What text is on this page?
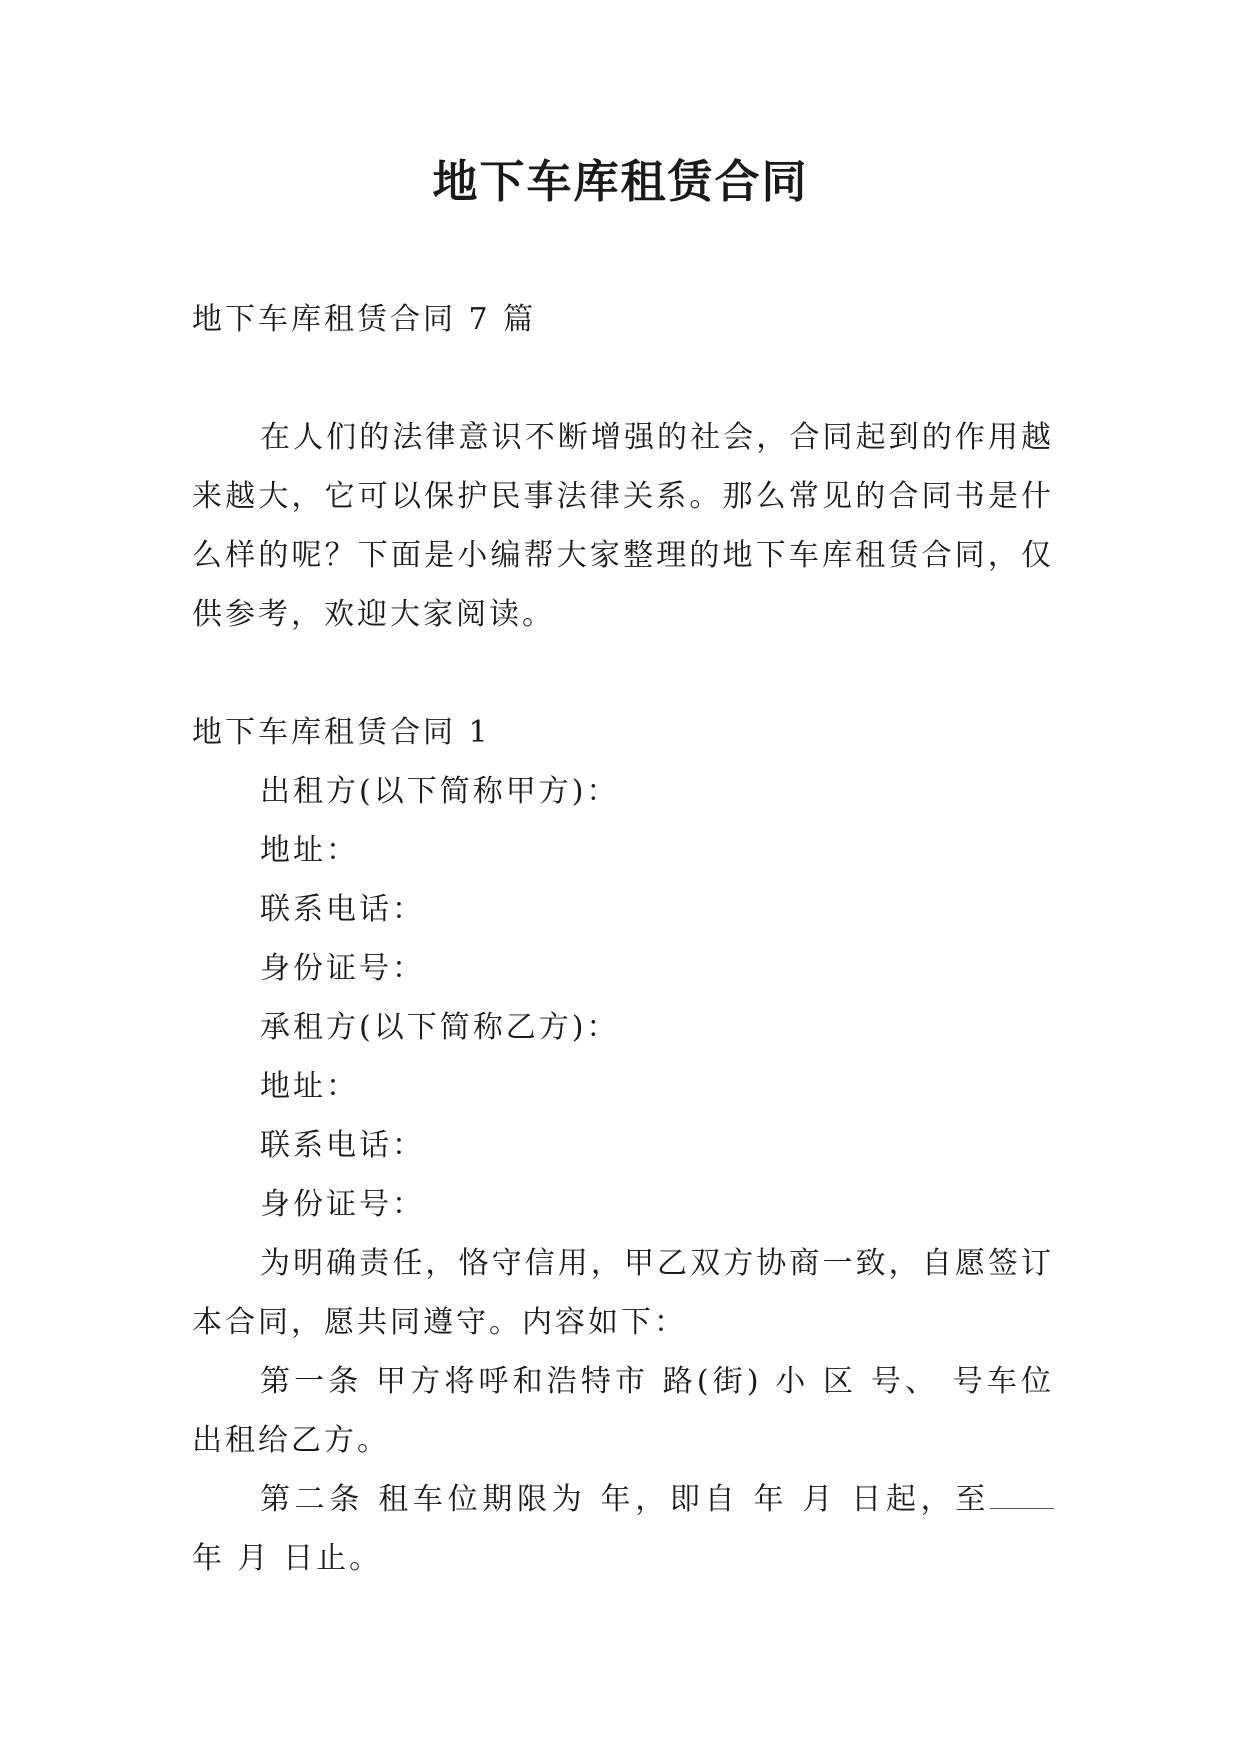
地下车库租赁合同

地下车库租赁合同 7 篇

在人们的法律意识不断增强的社会，合同起到的作用越来越大，它可以保护民事法律关系。那么常见的合同书是什么样的呢？下面是小编帮大家整理的地下车库租赁合同，仅供参考，欢迎大家阅读。

地下车库租赁合同 1

出租方(以下简称甲方)：

地址：

联系电话：

身份证号：

承租方(以下简称乙方)：

地址：

联系电话：

身份证号：

为明确责任，恪守信用，甲乙双方协商一致，自愿签订本合同，愿共同遵守。内容如下：

第一条 甲方将呼和浩特市 路(街) 小 区 号、 号车位出租给乙方。

第二条 租车位期限为 年，即自 年 月 日起，至 年 月 日止。
